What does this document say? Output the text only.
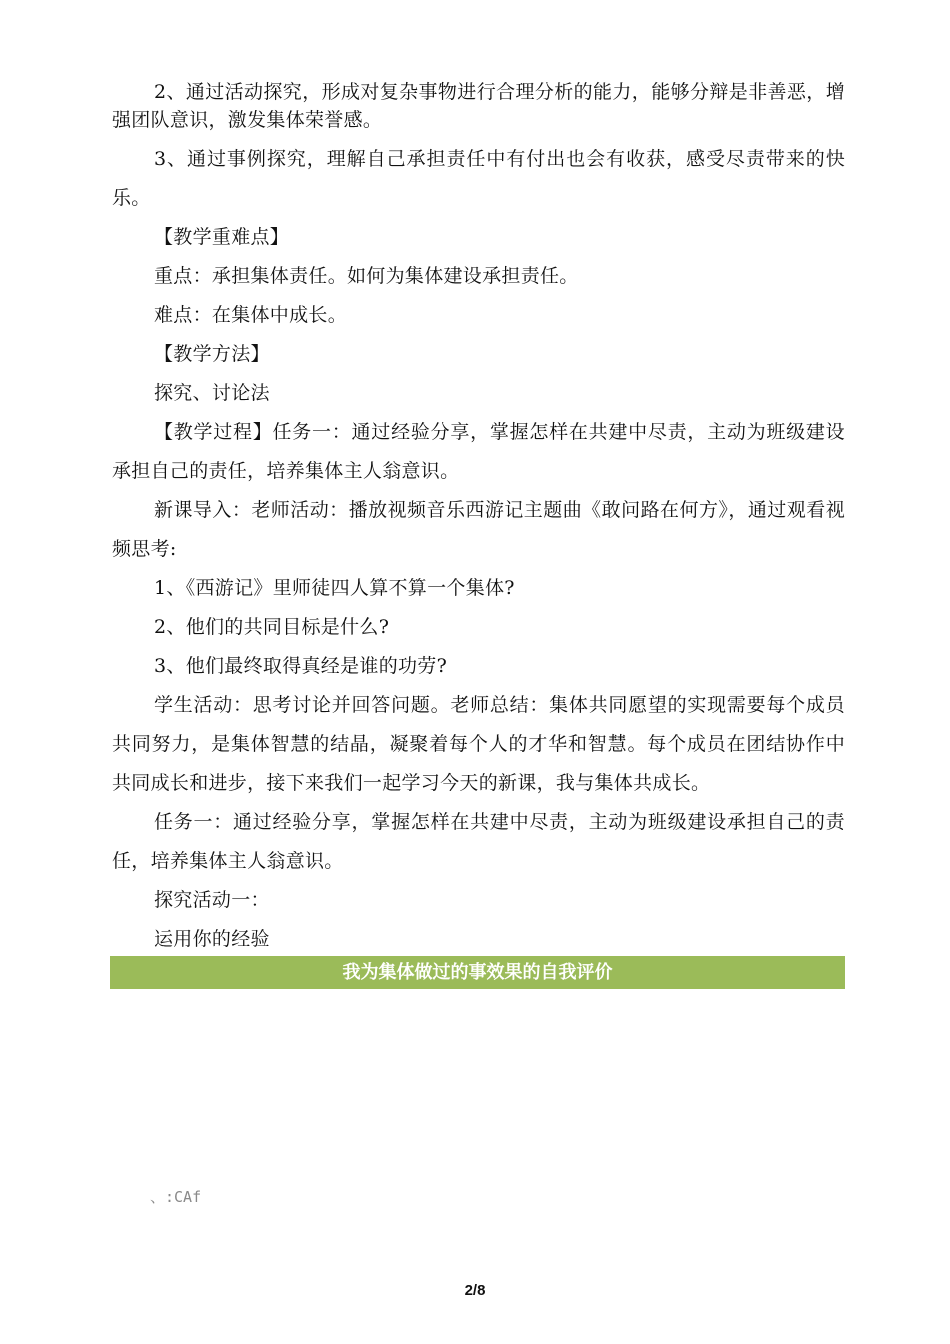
2、通过活动探究，形成对复杂事物进行合理分析的能力，能够分辩是非善恶，增强团队意识，激发集体荣誉感。

3、通过事例探究，理解自己承担责任中有付出也会有收获，感受尽责带来的快乐。

【教学重难点】

重点：承担集体责任。如何为集体建设承担责任。

难点：在集体中成长。

【教学方法】

探究、讨论法

【教学过程】任务一：通过经验分享，掌握怎样在共建中尽责，主动为班级建设承担自己的责任，培养集体主人翁意识。

新课导入：老师活动：播放视频音乐西游记主题曲《敢问路在何方》，通过观看视频思考:

1、《西游记》里师徒四人算不算一个集体?

2、他们的共同目标是什么?

3、他们最终取得真经是谁的功劳?

学生活动：思考讨论并回答问题。老师总结：集体共同愿望的实现需要每个成员共同努力，是集体智慧的结晶，凝聚着每个人的才华和智慧。每个成员在团结协作中共同成长和进步，接下来我们一起学习今天的新课，我与集体共成长。

任务一：通过经验分享，掌握怎样在共建中尽责，主动为班级建设承担自己的责任，培养集体主人翁意识。

探究活动一：

运用你的经验

我为集体做过的事效果的自我评价
、:CAf
2/8
